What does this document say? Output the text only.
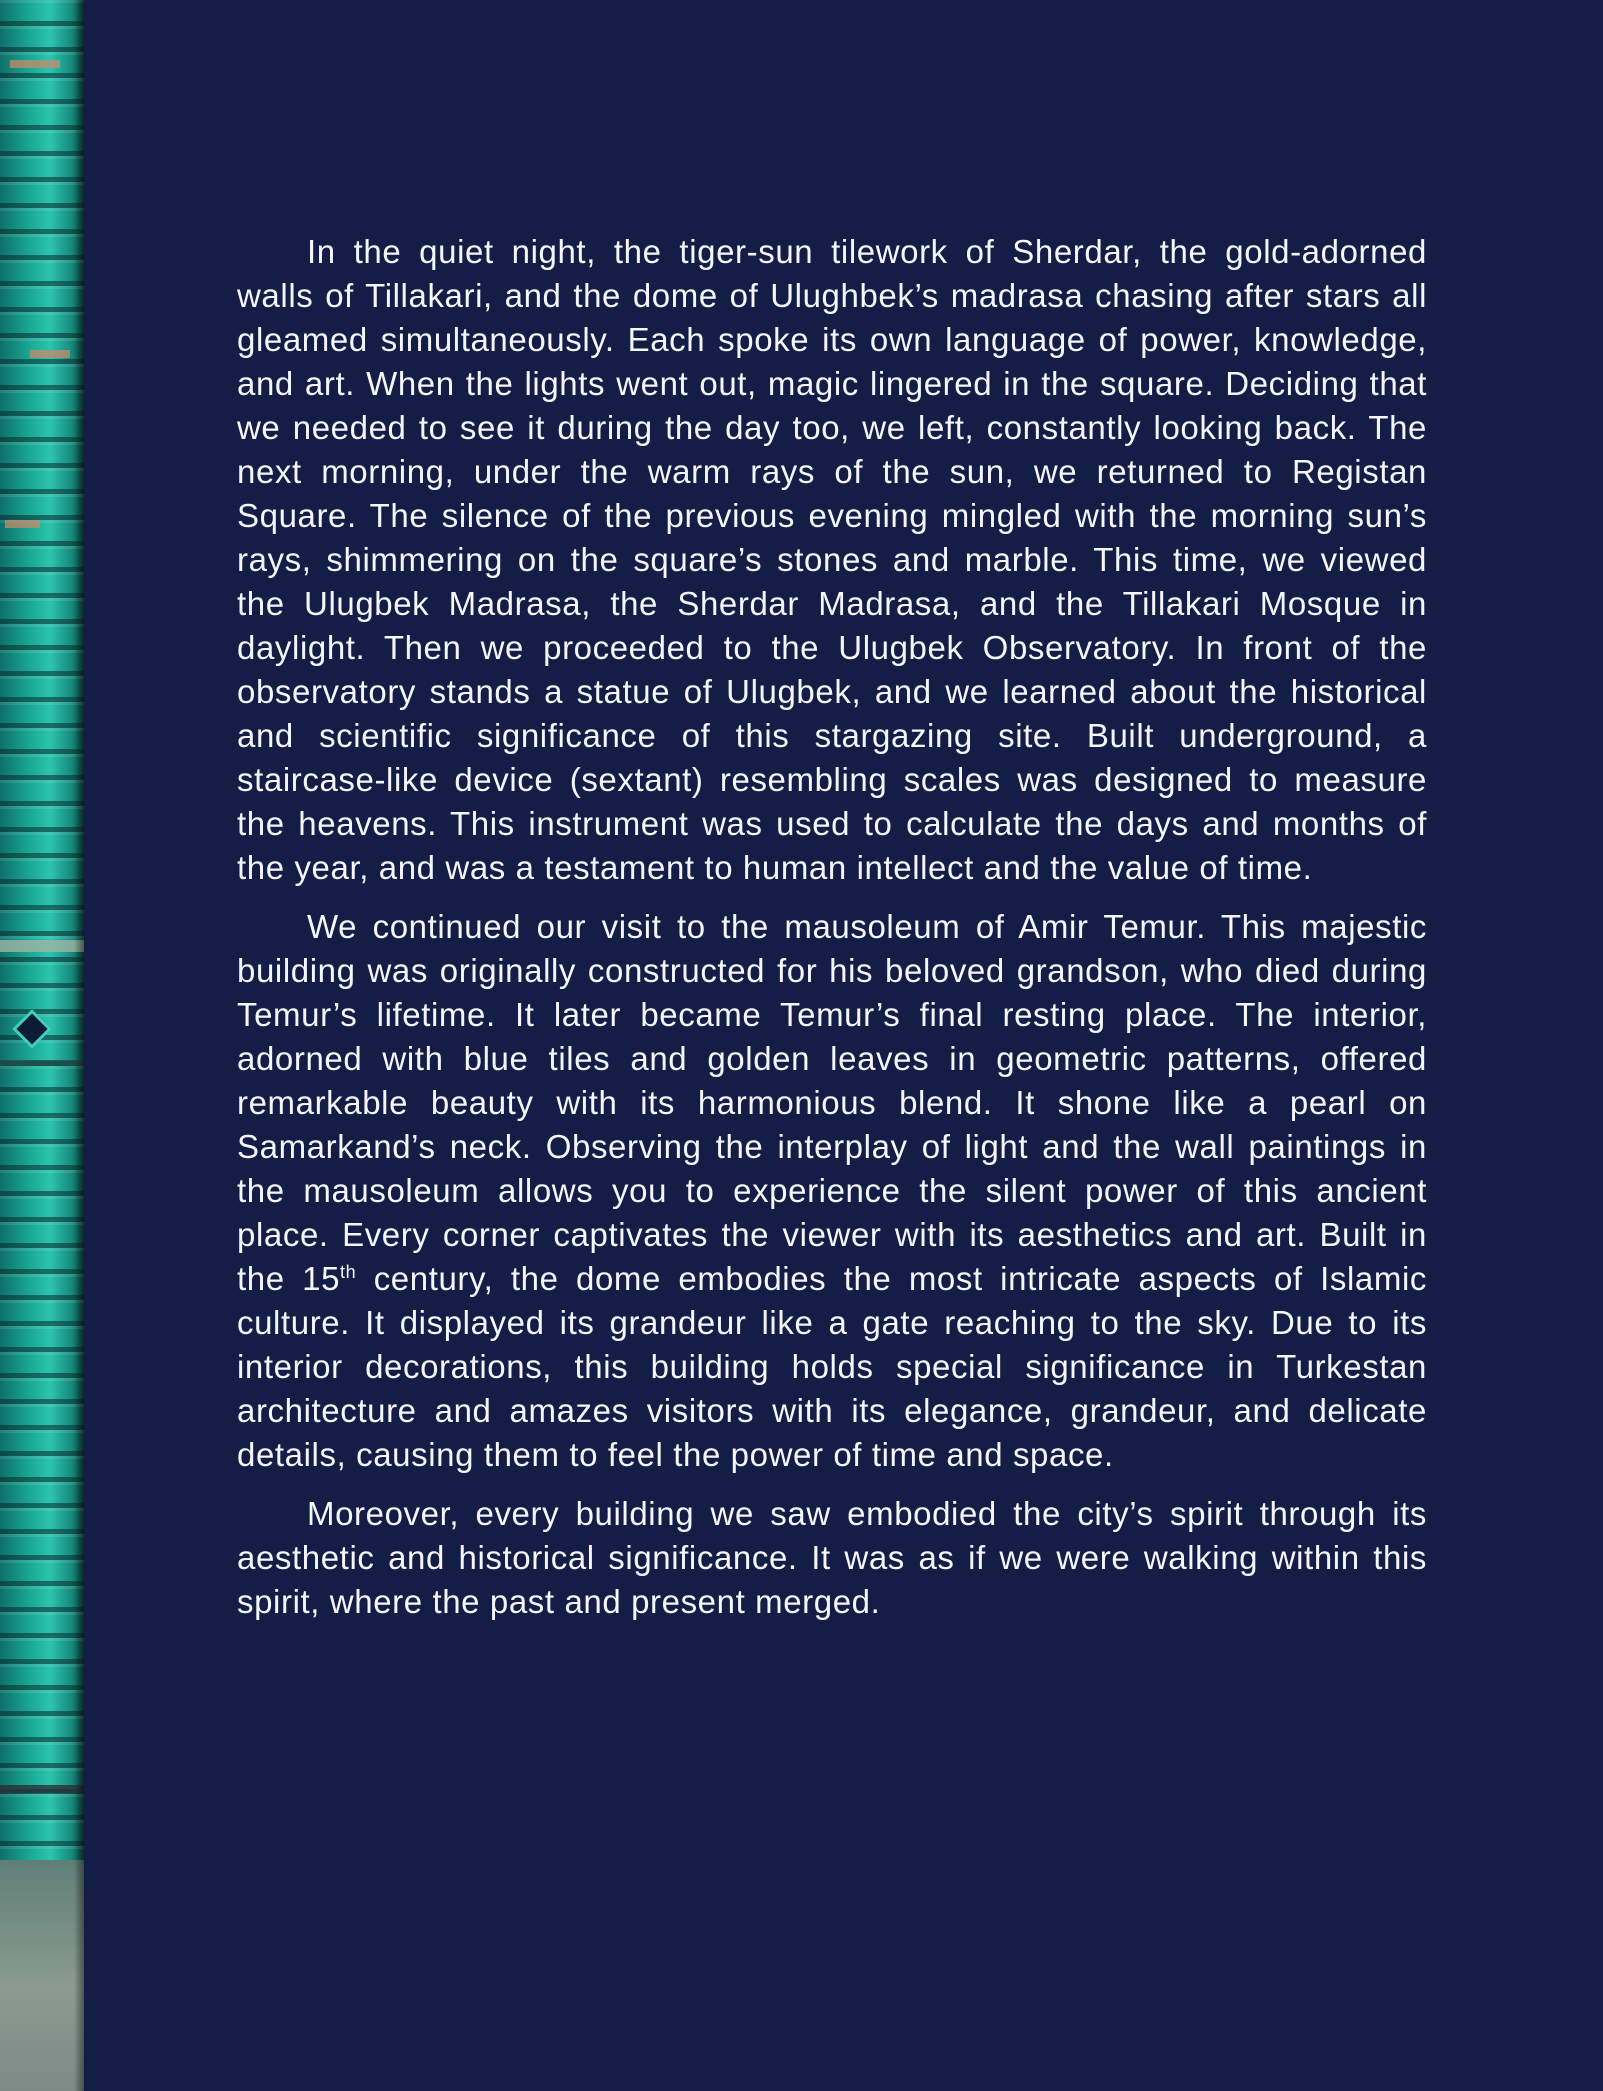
In the quiet night, the tiger-sun tilework of Sherdar, the gold-adorned walls of Tillakari, and the dome of Ulughbek’s madrasa chasing after stars all gleamed simultaneously. Each spoke its own language of power, knowledge, and art. When the lights went out, magic lingered in the square. Deciding that we needed to see it during the day too, we left, constantly looking back. The next morning, under the warm rays of the sun, we returned to Registan Square. The silence of the previous evening mingled with the morning sun’s rays, shimmering on the square’s stones and marble. This time, we viewed the Ulugbek Madrasa, the Sherdar Madrasa, and the Tillakari Mosque in daylight. Then we proceeded to the Ulugbek Observatory. In front of the observatory stands a statue of Ulugbek, and we learned about the historical and scientific significance of this stargazing site. Built underground, a staircase-like device (sextant) resembling scales was designed to measure the heavens. This instrument was used to calculate the days and months of the year, and was a testament to human intellect and the value of time.

We continued our visit to the mausoleum of Amir Temur. This majestic building was originally constructed for his beloved grandson, who died during Temur’s lifetime. It later became Temur’s final resting place. The interior, adorned with blue tiles and golden leaves in geometric patterns, offered remarkable beauty with its harmonious blend. It shone like a pearl on Samarkand’s neck. Observing the interplay of light and the wall paintings in the mausoleum allows you to experience the silent power of this ancient place. Every corner captivates the viewer with its aesthetics and art. Built in the 15th century, the dome embodies the most intricate aspects of Islamic culture. It displayed its grandeur like a gate reaching to the sky. Due to its interior decorations, this building holds special significance in Turkestan architecture and amazes visitors with its elegance, grandeur, and delicate details, causing them to feel the power of time and space.

Moreover, every building we saw embodied the city’s spirit through its aesthetic and historical significance. It was as if we were walking within this spirit, where the past and present merged.
